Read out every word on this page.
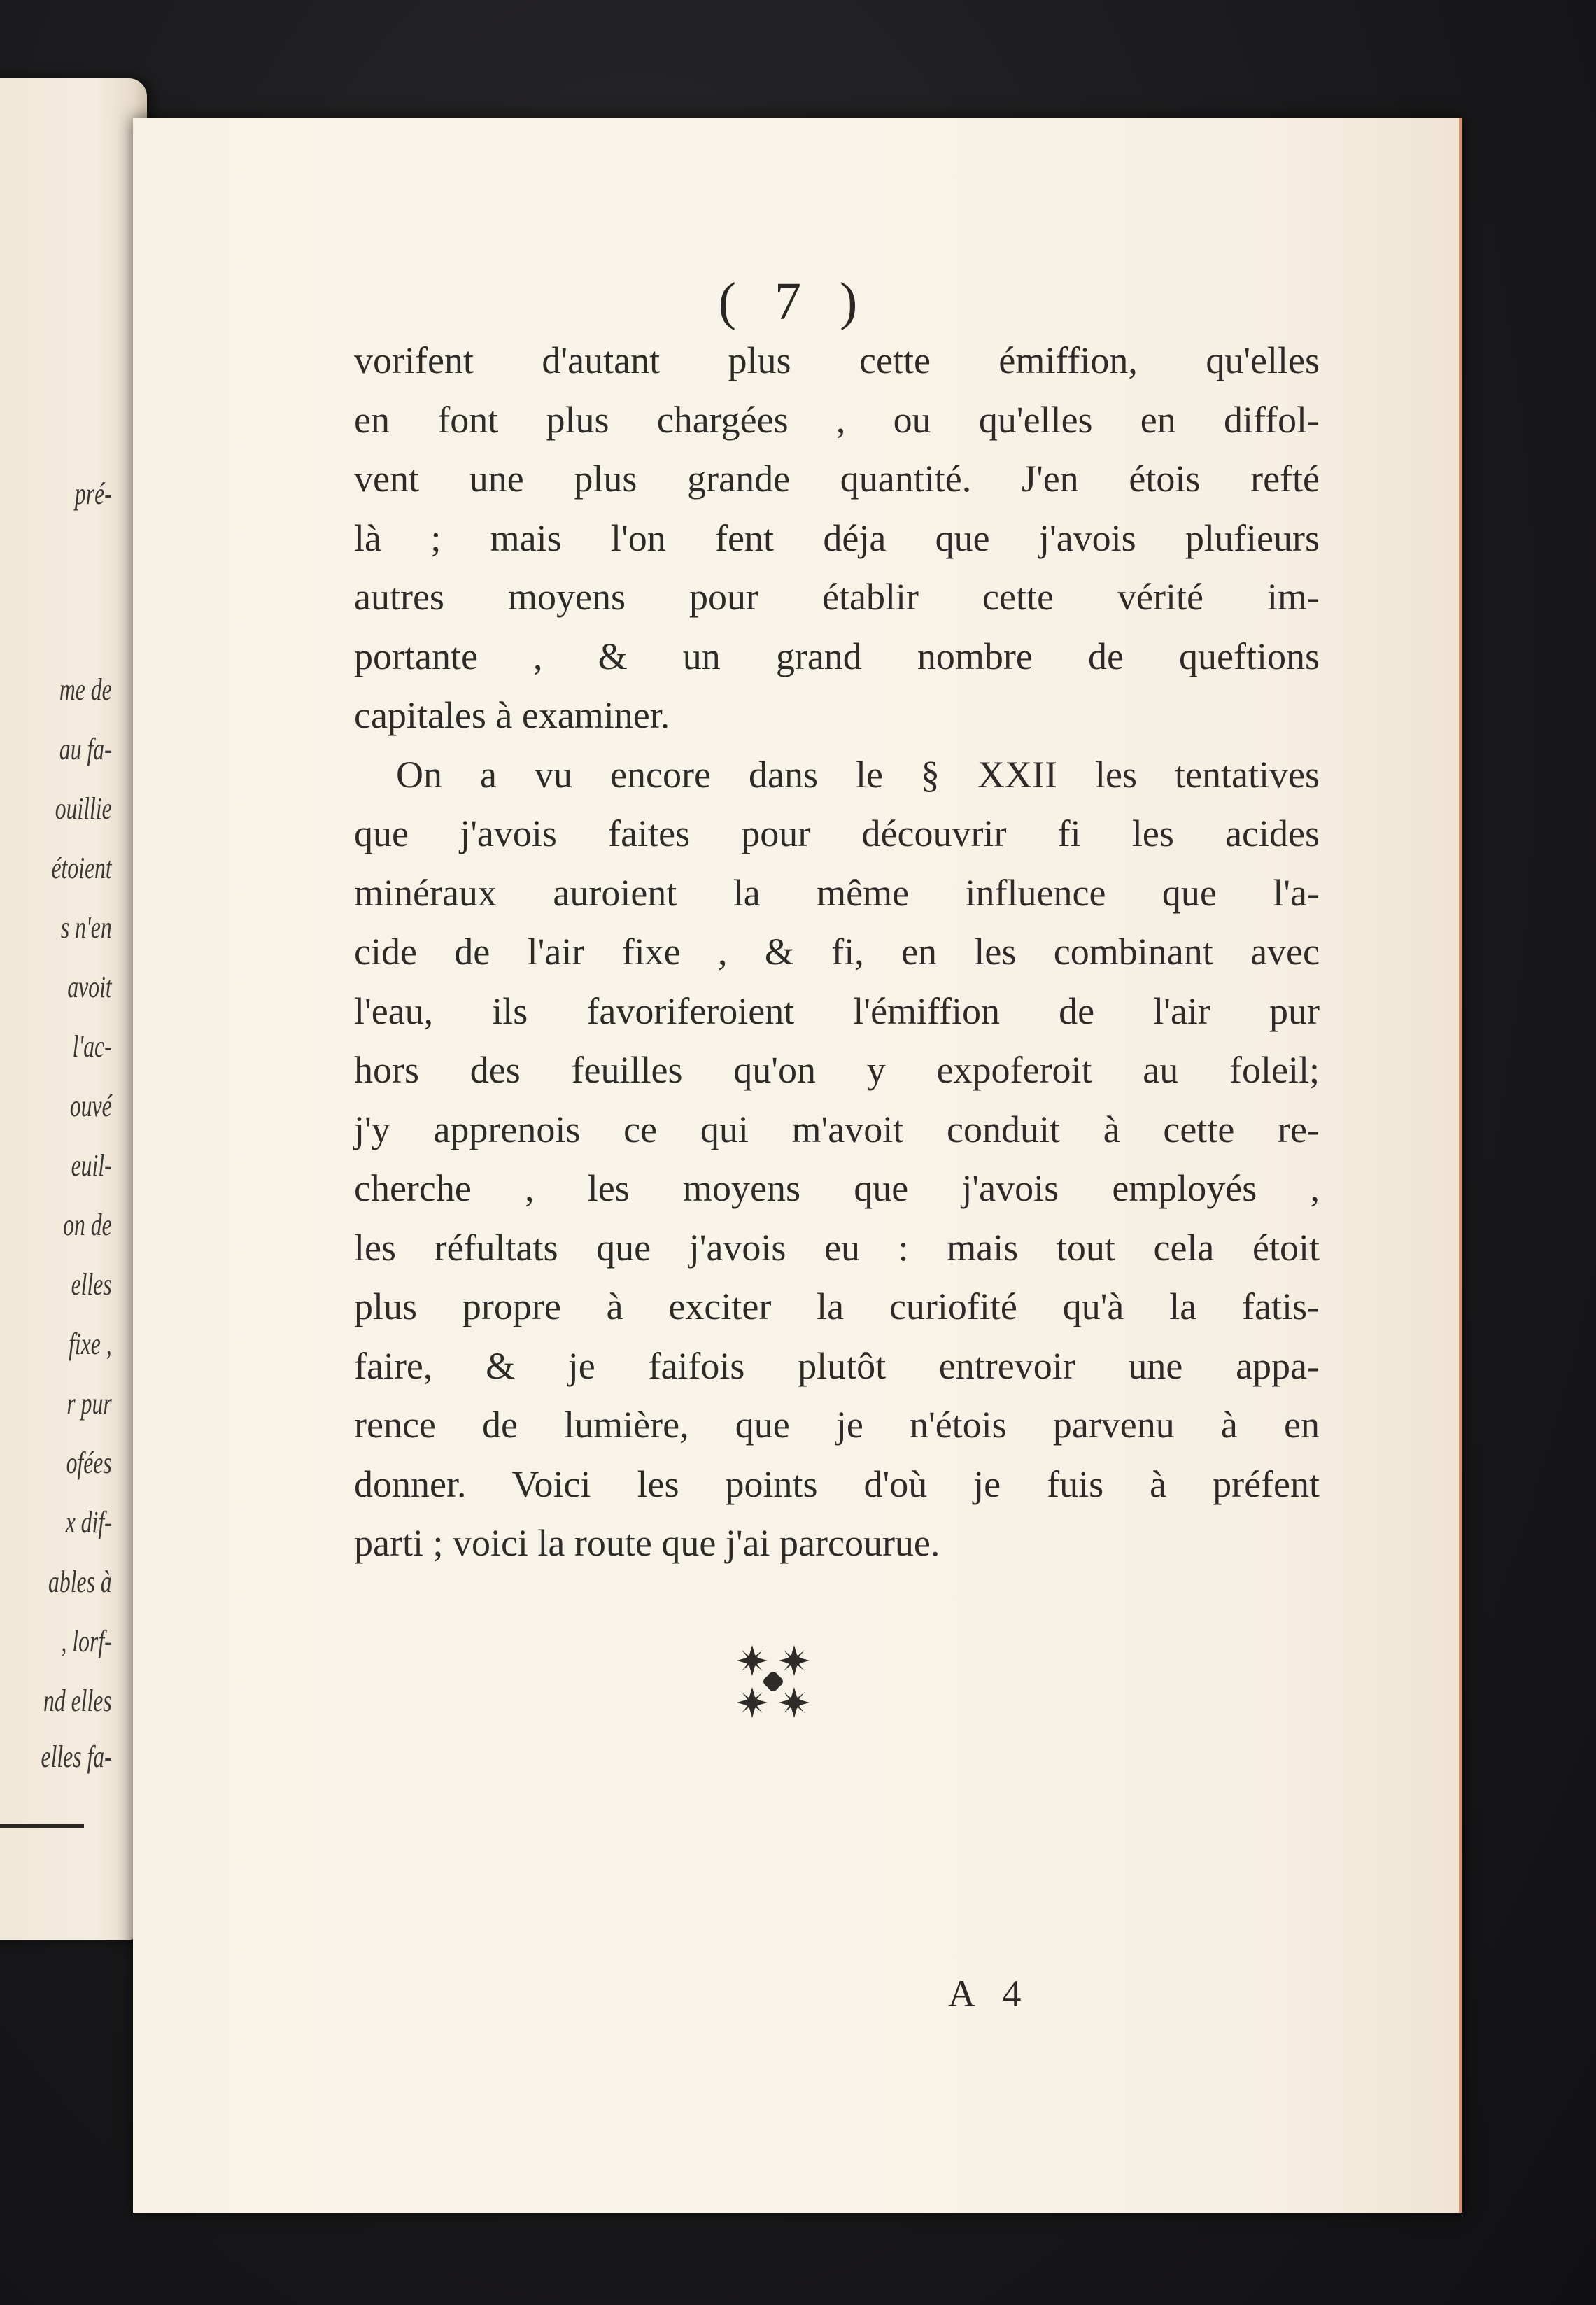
pré-
me de
au fa-
ouillie
étoient
s n'en
avoit
l'ac-
ouvé
euil-
on de
elles
fixe ,
r pur
ofées
x dif-
ables à
, lorf-
nd elles
elles fa-
( 7 )

vorifent d'autant plus cette émiffion, qu'elles
en font plus chargées , ou qu'elles en diffol-
vent une plus grande quantité. J'en étois refté
là ; mais l'on fent déja que j'avois plufieurs
autres moyens pour établir cette vérité im-
portante , & un grand nombre de queftions
capitales à examiner.

On a vu encore dans le § XXII les tentatives
que j'avois faites pour découvrir fi les acides
minéraux auroient la même influence que l'a-
cide de l'air fixe , & fi, en les combinant avec
l'eau, ils favoriferoient l'émiffion de l'air pur
hors des feuilles qu'on y expoferoit au foleil;
j'y apprenois ce qui m'avoit conduit à cette re-
cherche , les moyens que j'avois employés ,
les réfultats que j'avois eu : mais tout cela étoit
plus propre à exciter la curiofité qu'à la fatis-
faire, & je faifois plutôt entrevoir une appa-
rence de lumière, que je n'étois parvenu à en
donner. Voici les points d'où je fuis à préfent
parti ; voici la route que j'ai parcourue.

A 4
